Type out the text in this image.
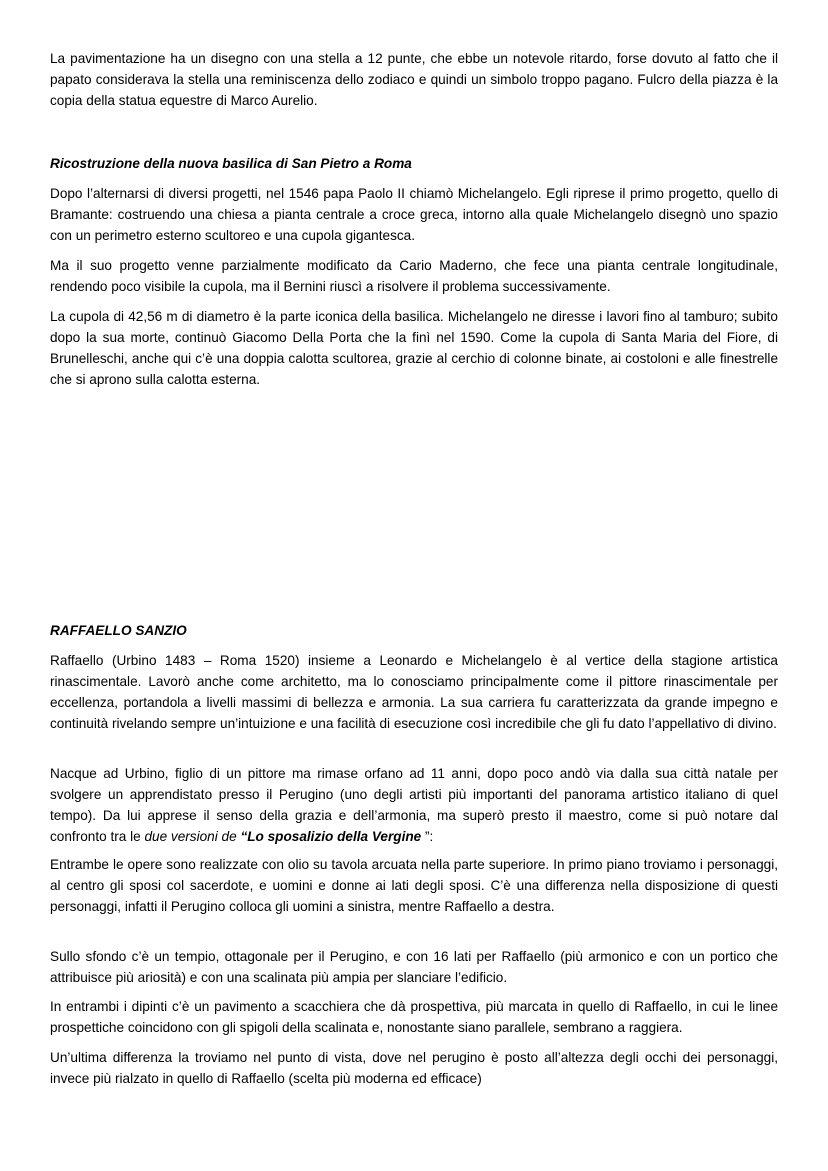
La pavimentazione ha un disegno con una stella a 12 punte, che ebbe un notevole ritardo, forse dovuto al fatto che il papato considerava la stella una reminiscenza dello zodiaco e quindi un simbolo troppo pagano. Fulcro della piazza è la copia della statua equestre di Marco Aurelio.

Ricostruzione della nuova basilica di San Pietro a Roma

Dopo l’alternarsi di diversi progetti, nel 1546 papa Paolo II chiamò Michelangelo. Egli riprese il primo progetto, quello di Bramante: costruendo una chiesa a pianta centrale a croce greca, intorno alla quale Michelangelo disegnò uno spazio con un perimetro esterno scultoreo e una cupola gigantesca.

Ma il suo progetto venne parzialmente modificato da Cario Maderno, che fece una pianta centrale longitudinale, rendendo poco visibile la cupola, ma il Bernini riuscì a risolvere il problema successivamente.

La cupola di 42,56 m di diametro è la parte iconica della basilica. Michelangelo ne diresse i lavori fino al tamburo; subito dopo la sua morte, continuò Giacomo Della Porta che la finì nel 1590. Come la cupola di Santa Maria del Fiore, di Brunelleschi, anche qui c’è una doppia calotta scultorea, grazie al cerchio di colonne binate, ai costoloni e alle finestrelle che si aprono sulla calotta esterna.

RAFFAELLO SANZIO

Raffaello (Urbino 1483 – Roma 1520) insieme a Leonardo e Michelangelo è al vertice della stagione artistica rinascimentale. Lavorò anche come architetto, ma lo conosciamo principalmente come il pittore rinascimentale per eccellenza, portandola a livelli massimi di bellezza e armonia. La sua carriera fu caratterizzata da grande impegno e continuità rivelando sempre un’intuizione e una facilità di esecuzione così incredibile che gli fu dato l’appellativo di divino.

Nacque ad Urbino, figlio di un pittore ma rimase orfano ad 11 anni, dopo poco andò via dalla sua città natale per svolgere un apprendistato presso il Perugino (uno degli artisti più importanti del panorama artistico italiano di quel tempo). Da lui apprese il senso della grazia e dell’armonia, ma superò presto il maestro, come si può notare dal confronto tra le due versioni de “Lo sposalizio della Vergine ”:

Entrambe le opere sono realizzate con olio su tavola arcuata nella parte superiore. In primo piano troviamo i personaggi, al centro gli sposi col sacerdote, e uomini e donne ai lati degli sposi. C’è una differenza nella disposizione di questi personaggi, infatti il Perugino colloca gli uomini a sinistra, mentre Raffaello a destra.

Sullo sfondo c’è un tempio, ottagonale per il Perugino, e con 16 lati per Raffaello (più armonico e con un portico che attribuisce più ariosità) e con una scalinata più ampia per slanciare l’edificio.

In entrambi i dipinti c’è un pavimento a scacchiera che dà prospettiva, più marcata in quello di Raffaello, in cui le linee prospettiche coincidono con gli spigoli della scalinata e, nonostante siano parallele, sembrano a raggiera.

Un’ultima differenza la troviamo nel punto di vista, dove nel perugino è posto all’altezza degli occhi dei personaggi, invece più rialzato in quello di Raffaello (scelta più moderna ed efficace)
